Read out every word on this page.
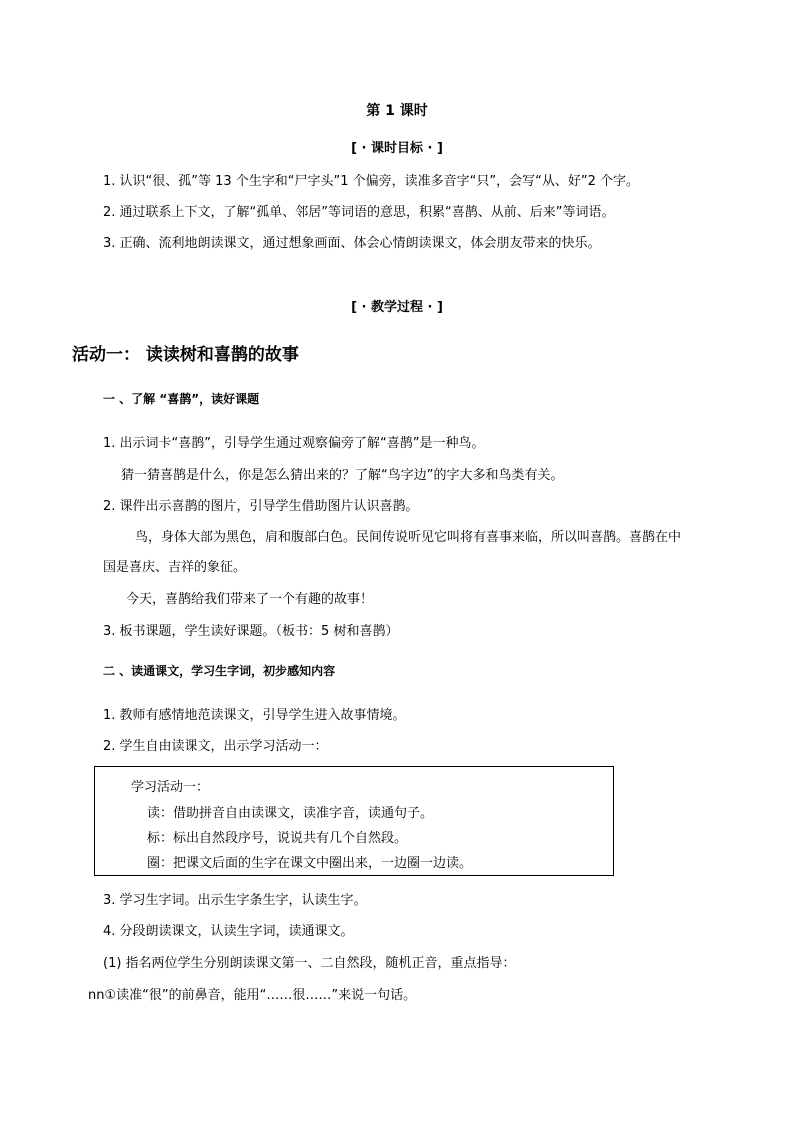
第 1 课时
[ · 课时目标 · ]
1. 认识“很、孤”等 13 个生字和“尸字头”1 个偏旁，读准多音字“只”，会写“从、好”2 个字。
2. 通过联系上下文，了解“孤单、邻居”等词语的意思，积累“喜鹊、从前、后来”等词语。
3. 正确、流利地朗读课文，通过想象画面、体会心情朗读课文，体会朋友带来的快乐。
[ · 教学过程 · ]
活动一： 读读树和喜鹊的故事
一 、了解 “喜鹊”，读好课题
1. 出示词卡“喜鹊”，引导学生通过观察偏旁了解“喜鹊”是一种鸟。
猜一猜喜鹊是什么，你是怎么猜出来的？了解“鸟字边”的字大多和鸟类有关。
2. 课件出示喜鹊的图片，引导学生借助图片认识喜鹊。
鸟，身体大部为黑色，肩和腹部白色。民间传说听见它叫将有喜事来临，所以叫喜鹊。喜鹊在中
国是喜庆、吉祥的象征。
今天，喜鹊给我们带来了一个有趣的故事！
3. 板书课题，学生读好课题。（板书：5 树和喜鹊）
二 、读通课文，学习生字词，初步感知内容
1. 教师有感情地范读课文，引导学生进入故事情境。
2. 学生自由读课文，出示学习活动一：
学习活动一：
读：借助拼音自由读课文，读准字音，读通句子。
标：标出自然段序号，说说共有几个自然段。
圈：把课文后面的生字在课文中圈出来，一边圈一边读。
3. 学习生字词。出示生字条生字，认读生字。
4. 分段朗读课文，认读生字词，读通课文。
(1) 指名两位学生分别朗读课文第一、二自然段，随机正音，重点指导：
nn①读准“很”的前鼻音，能用“……很……”来说一句话。
